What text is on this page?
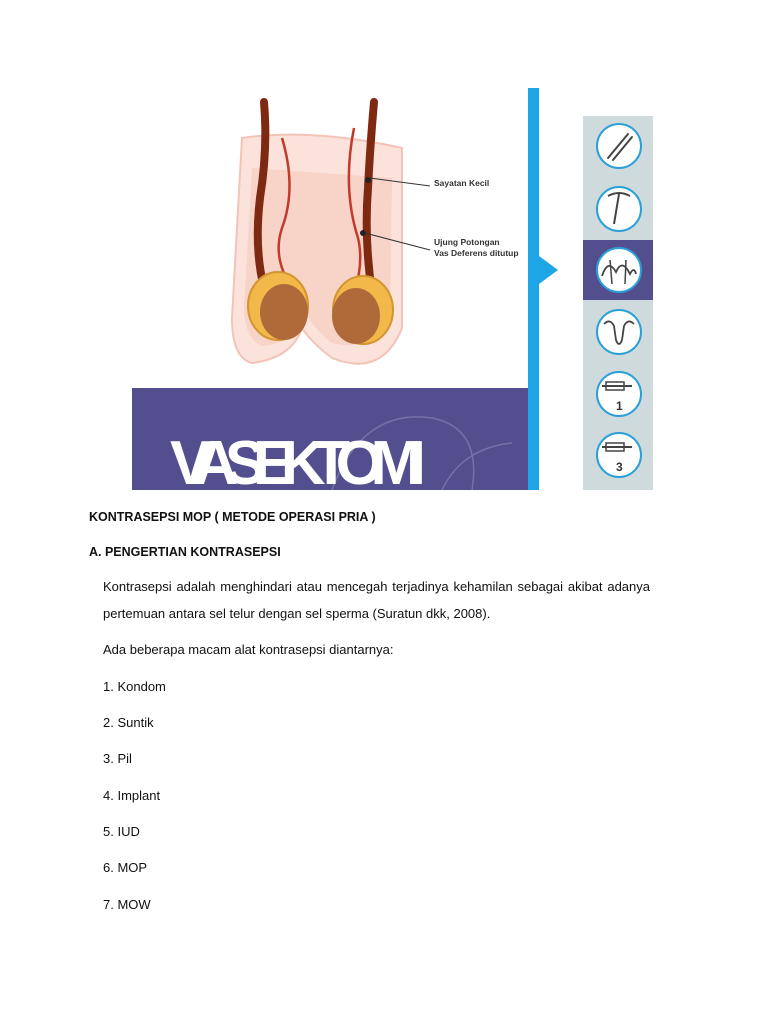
Sayatan Kecil
Ujung Potongan
Vas Deferens ditutup
VASEKTOMI
1
3
KONTRASEPSI MOP ( METODE OPERASI PRIA )
A. PENGERTIAN KONTRASEPSI
Kontrasepsi adalah menghindari atau mencegah terjadinya kehamilan sebagai akibat adanya pertemuan antara sel telur dengan sel sperma (Suratun dkk, 2008).
Ada beberapa macam alat kontrasepsi diantarnya:
1. Kondom
2. Suntik
3. Pil
4. Implant
5. IUD
6. MOP
7. MOW
